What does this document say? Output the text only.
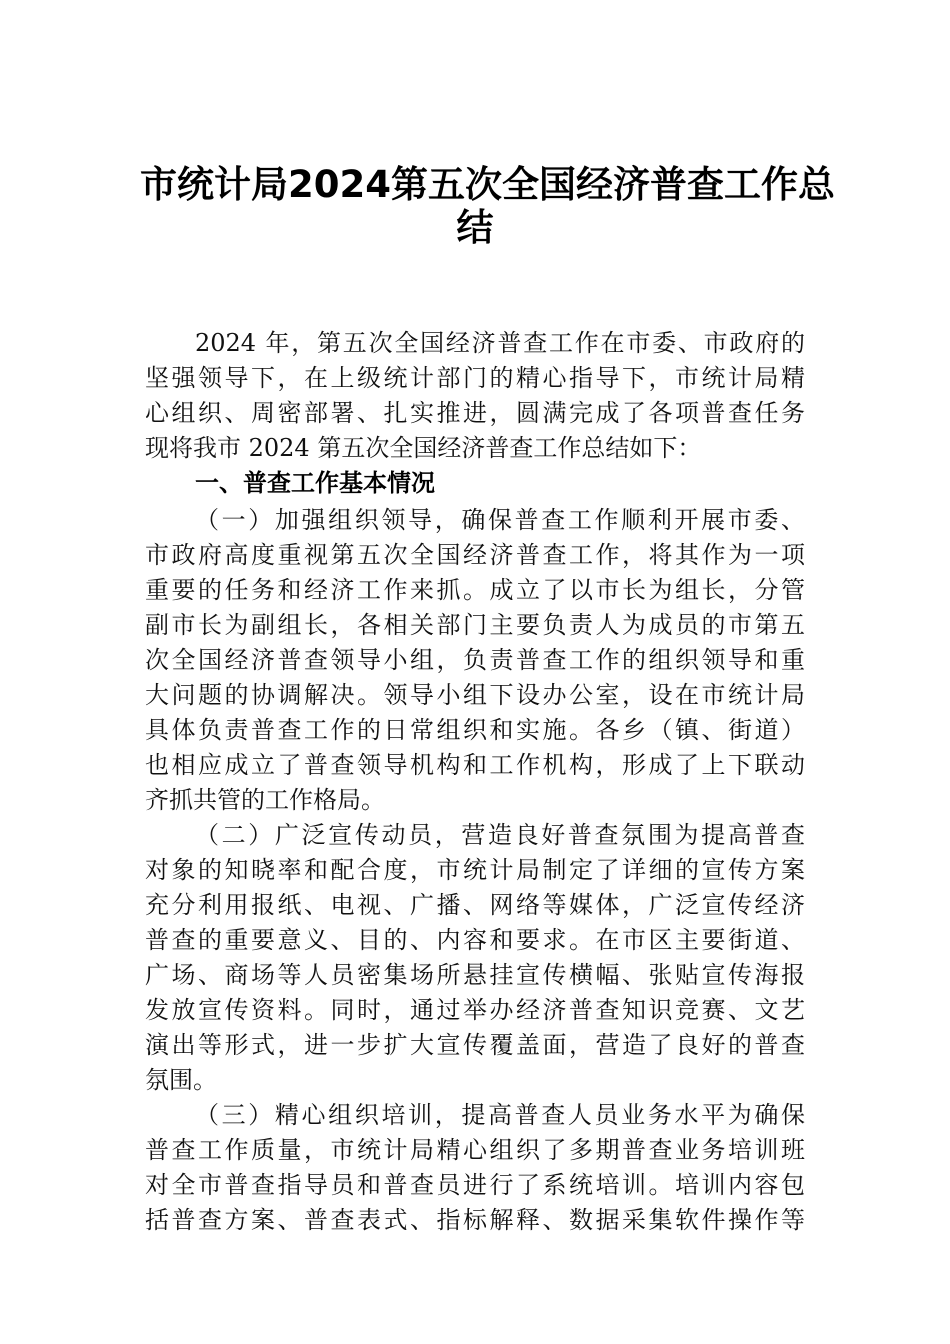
市统计局2024第五次全国经济普查工作总
结
2024 年，第五次全国经济普查工作在市委、市政府的
坚强领导下，在上级统计部门的精心指导下，市统计局精
心组织、周密部署、扎实推进，圆满完成了各项普查任务
现将我市 2024 第五次全国经济普查工作总结如下：
一、普查工作基本情况
（一）加强组织领导，确保普查工作顺利开展市委、
市政府高度重视第五次全国经济普查工作，将其作为一项
重要的任务和经济工作来抓。成立了以市长为组长，分管
副市长为副组长，各相关部门主要负责人为成员的市第五
次全国经济普查领导小组，负责普查工作的组织领导和重
大问题的协调解决。领导小组下设办公室，设在市统计局
具体负责普查工作的日常组织和实施。各乡（镇、街道）
也相应成立了普查领导机构和工作机构，形成了上下联动
齐抓共管的工作格局。
（二）广泛宣传动员，营造良好普查氛围为提高普查
对象的知晓率和配合度，市统计局制定了详细的宣传方案
充分利用报纸、电视、广播、网络等媒体，广泛宣传经济
普查的重要意义、目的、内容和要求。在市区主要街道、
广场、商场等人员密集场所悬挂宣传横幅、张贴宣传海报
发放宣传资料。同时，通过举办经济普查知识竞赛、文艺
演出等形式，进一步扩大宣传覆盖面，营造了良好的普查
氛围。
（三）精心组织培训，提高普查人员业务水平为确保
普查工作质量，市统计局精心组织了多期普查业务培训班
对全市普查指导员和普查员进行了系统培训。培训内容包
括普查方案、普查表式、指标解释、数据采集软件操作等
